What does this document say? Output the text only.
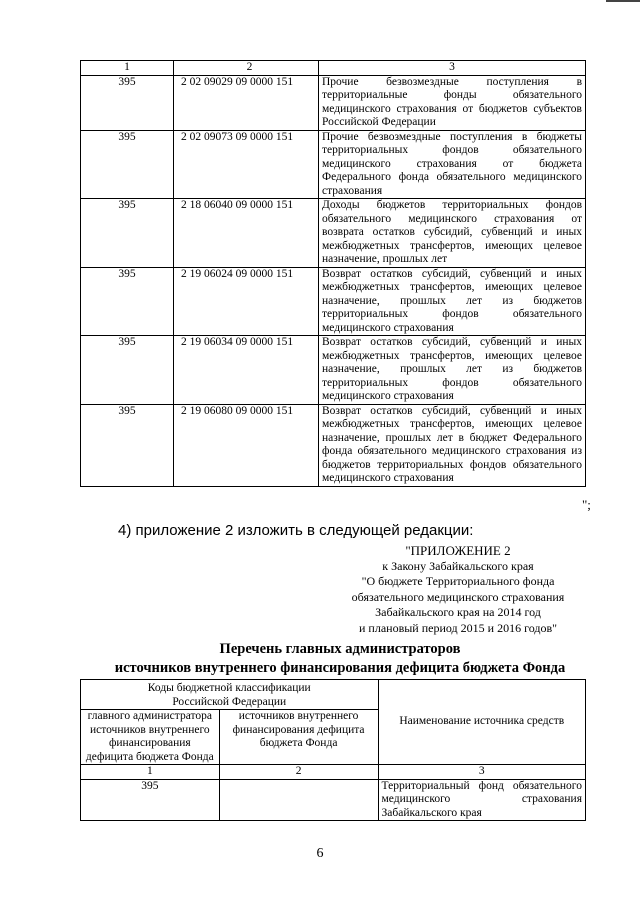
1	2	3
395	2 02 09029 09 0000 151	Прочие безвозмездные поступления в территориальные фонды обязательного медицинского страхования от бюджетов субъектов Российской Федерации
395	2 02 09073 09 0000 151	Прочие безвозмездные поступления в бюджеты территориальных фондов обязательного медицинского страхования от бюджета Федерального фонда обязательного медицинского страхования
395	2 18 06040 09 0000 151	Доходы бюджетов территориальных фондов обязательного медицинского страхования от возврата остатков субсидий, субвенций и иных межбюджетных трансфертов, имеющих целевое назначение, прошлых лет
395	2 19 06024 09 0000 151	Возврат остатков субсидий, субвенций и иных межбюджетных трансфертов, имеющих целевое назначение, прошлых лет из бюджетов территориальных фондов обязательного медицинского страхования
395	2 19 06034 09 0000 151	Возврат остатков субсидий, субвенций и иных межбюджетных трансфертов, имеющих целевое назначение, прошлых лет из бюджетов территориальных фондов обязательного медицинского страхования
395	2 19 06080 09 0000 151	Возврат остатков субсидий, субвенций и иных межбюджетных трансфертов, имеющих целевое назначение, прошлых лет в бюджет Федерального фонда обязательного медицинского страхования из бюджетов территориальных фондов обязательного медицинского страхования
";
4) приложение 2 изложить в следующей редакции:
"ПРИЛОЖЕНИЕ 2
к Закону Забайкальского края
"О бюджете Территориального фонда
обязательного медицинского страхования
Забайкальского края на 2014 год
и плановый период 2015 и 2016 годов"
Перечень главных администраторов
источников внутреннего финансирования дефицита бюджета Фонда
Коды бюджетной классификации Российской Федерации		Наименование источника средств
главного администратора источников внутреннего финансирования дефицита бюджета Фонда	источников внутреннего финансирования дефицита бюджета Фонда	
1	2	3
395		Территориальный фонд обязательного медицинского страхования Забайкальского края
6
